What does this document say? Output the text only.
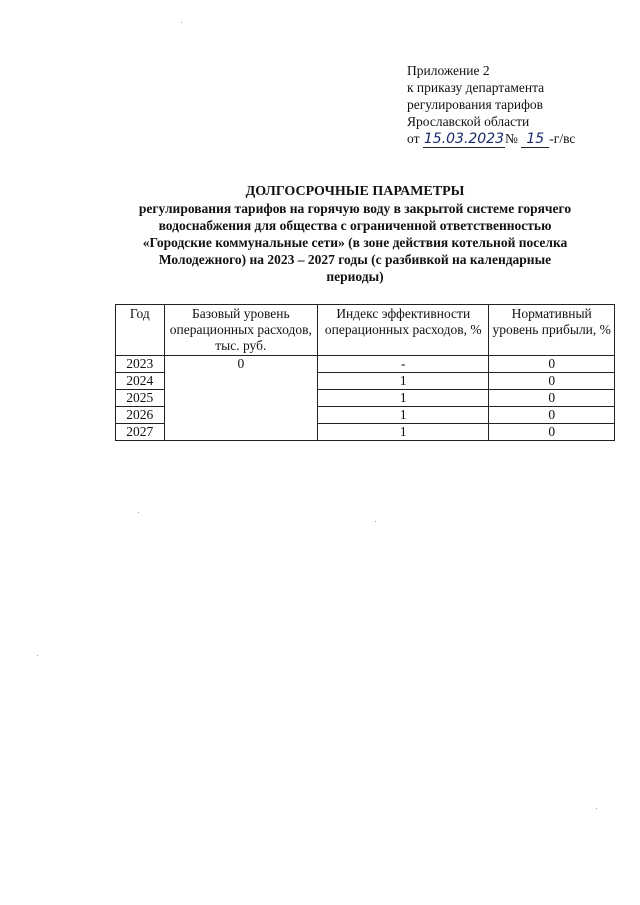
Приложение 2
к приказу департамента
регулирования тарифов
Ярославской области
от 15.03.2023№ 15 -г/вс
ДОЛГОСРОЧНЫЕ ПАРАМЕТРЫ
регулирования тарифов на горячую воду в закрытой системе горячего
водоснабжения для общества с ограниченной ответственностью
«Городские коммунальные сети» (в зоне действия котельной поселка
Молодежного) на 2023 – 2027 годы (с разбивкой на календарные
периоды)
Год	Базовый уровень операционных расходов, тыс. руб.	Индекс эффективности операционных расходов, %	Нормативный уровень прибыли, %
2023	0	-	0
2024		1	0
2025		1	0
2026		1	0
2027		1	0
